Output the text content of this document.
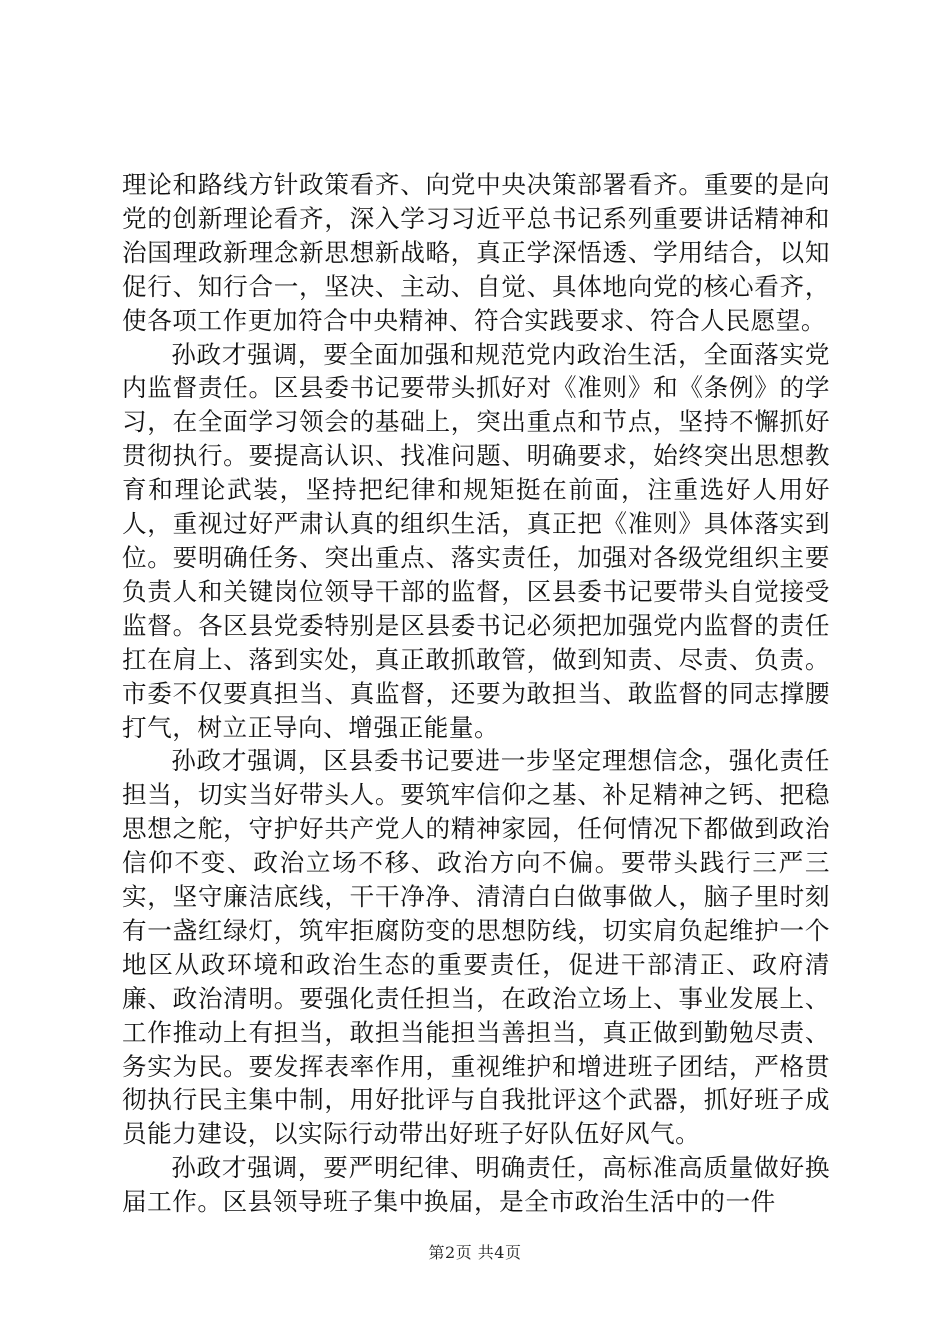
理论和路线方针政策看齐、向党中央决策部署看齐。重要的是向党的创新理论看齐，深入学习习近平总书记系列重要讲话精神和治国理政新理念新思想新战略，真正学深悟透、学用结合，以知促行、知行合一，坚决、主动、自觉、具体地向党的核心看齐，使各项工作更加符合中央精神、符合实践要求、符合人民愿望。

孙政才强调，要全面加强和规范党内政治生活，全面落实党内监督责任。区县委书记要带头抓好对《准则》和《条例》的学习，在全面学习领会的基础上，突出重点和节点，坚持不懈抓好贯彻执行。要提高认识、找准问题、明确要求，始终突出思想教育和理论武装，坚持把纪律和规矩挺在前面，注重选好人用好人，重视过好严肃认真的组织生活，真正把《准则》具体落实到位。要明确任务、突出重点、落实责任，加强对各级党组织主要负责人和关键岗位领导干部的监督，区县委书记要带头自觉接受监督。各区县党委特别是区县委书记必须把加强党内监督的责任扛在肩上、落到实处，真正敢抓敢管，做到知责、尽责、负责。市委不仅要真担当、真监督，还要为敢担当、敢监督的同志撑腰打气，树立正导向、增强正能量。

孙政才强调，区县委书记要进一步坚定理想信念，强化责任担当，切实当好带头人。要筑牢信仰之基、补足精神之钙、把稳思想之舵，守护好共产党人的精神家园，任何情况下都做到政治信仰不变、政治立场不移、政治方向不偏。要带头践行三严三实，坚守廉洁底线，干干净净、清清白白做事做人，脑子里时刻有一盏红绿灯，筑牢拒腐防变的思想防线，切实肩负起维护一个地区从政环境和政治生态的重要责任，促进干部清正、政府清廉、政治清明。要强化责任担当，在政治立场上、事业发展上、工作推动上有担当，敢担当能担当善担当，真正做到勤勉尽责、务实为民。要发挥表率作用，重视维护和增进班子团结，严格贯彻执行民主集中制，用好批评与自我批评这个武器，抓好班子成员能力建设，以实际行动带出好班子好队伍好风气。

孙政才强调，要严明纪律、明确责任，高标准高质量做好换届工作。区县领导班子集中换届，是全市政治生活中的一件

第2页 共4页
